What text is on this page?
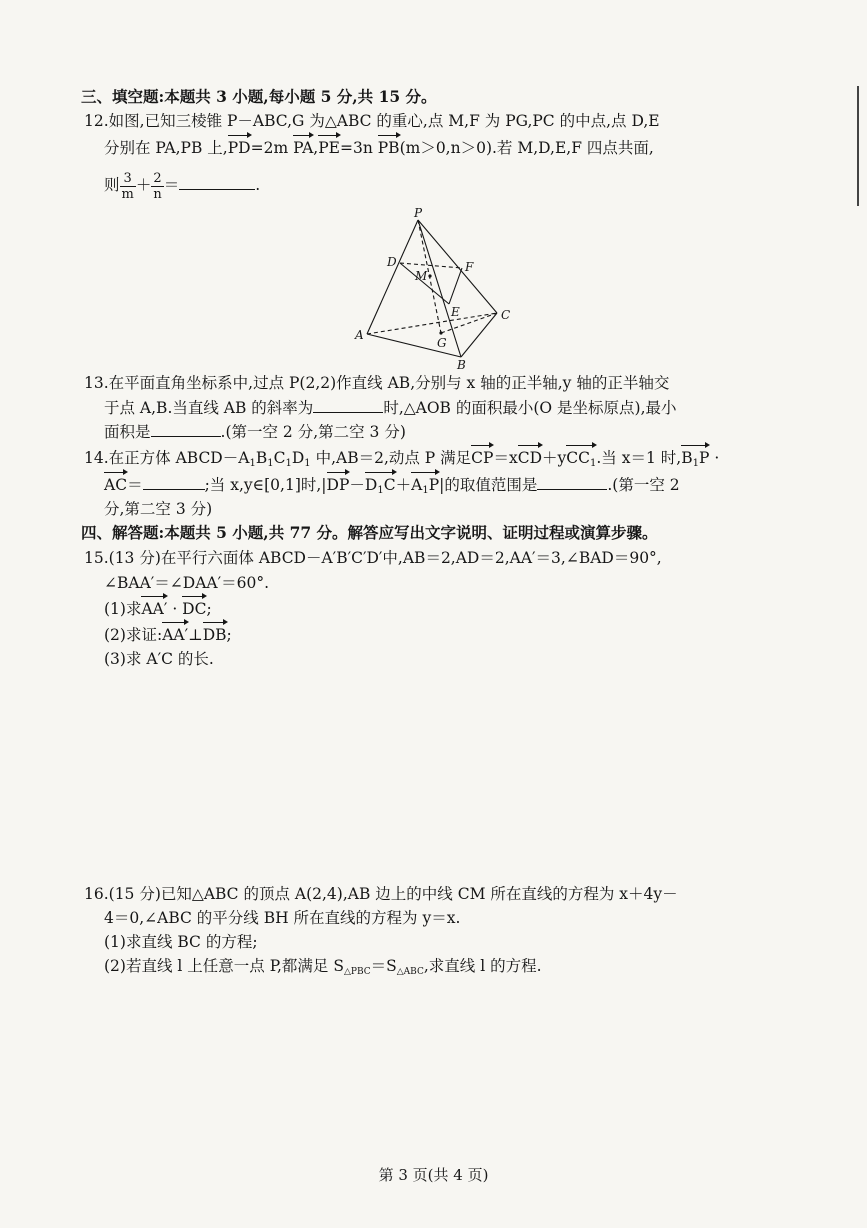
三、填空题:本题共 3 小题,每小题 5 分,共 15 分。
12.如图,已知三棱锥 P－ABC,G 为△ABC 的重心,点 M,F 为 PG,PC 的中点,点 D,E
分别在 PA,PB 上,PD=2m PA,PE=3n PB(m＞0,n＞0).若 M,D,E,F 四点共面,
则 $\frac{3}{m} + \frac{2}{n}$ ＝	.
P
D
M
F
E	C
A
G
B
13.在平面直角坐标系中,过点 P(2,2)作直线 AB,分别与 x 轴的正半轴,y 轴的正半轴交
于点 A,B.当直线 AB 的斜率为	时,△AOB 的面积最小(O 是坐标原点),最小
面积是	.(第一空 2 分,第二空 3 分)
14.在正方体 $ABCD-A_1B_1C_1D_1$ 中,AB＝2,动点 P 满足CP＝xCD＋yCC$_1$.当 x＝1 时$,B_1P$ ·
AC＝	;当 x,y∈[0,1]时$,|DP-D_1C+A_1P|$的取值范围是	.(第一空 2
分,第二空 3 分)
四、解答题:本题共 5 小题,共 77 分。解答应写出文字说明、证明过程或演算步骤。
15.(13 分)在平行六面体 ABCD－A′B′C′D′中,AB＝2,AD＝2,AA′＝3,∠BAD＝90°,
∠BAA′＝∠DAA′＝60°.
(1)求AA′ · DC;
(2)求证:AA′⊥DB;
(3)求 A′C 的长.
16.(15 分)已知△ABC 的顶点 A(2,4),AB 边上的中线 CM 所在直线的方程为 x＋4y－
4＝0,∠ABC 的平分线 BH 所在直线的方程为 y＝x.
(1)求直线 BC 的方程;
(2)若直线 l 上任意一点 P,都满足 S△PBC＝S△ABC,求直线 l 的方程.
第 3 页(共 4 页)
